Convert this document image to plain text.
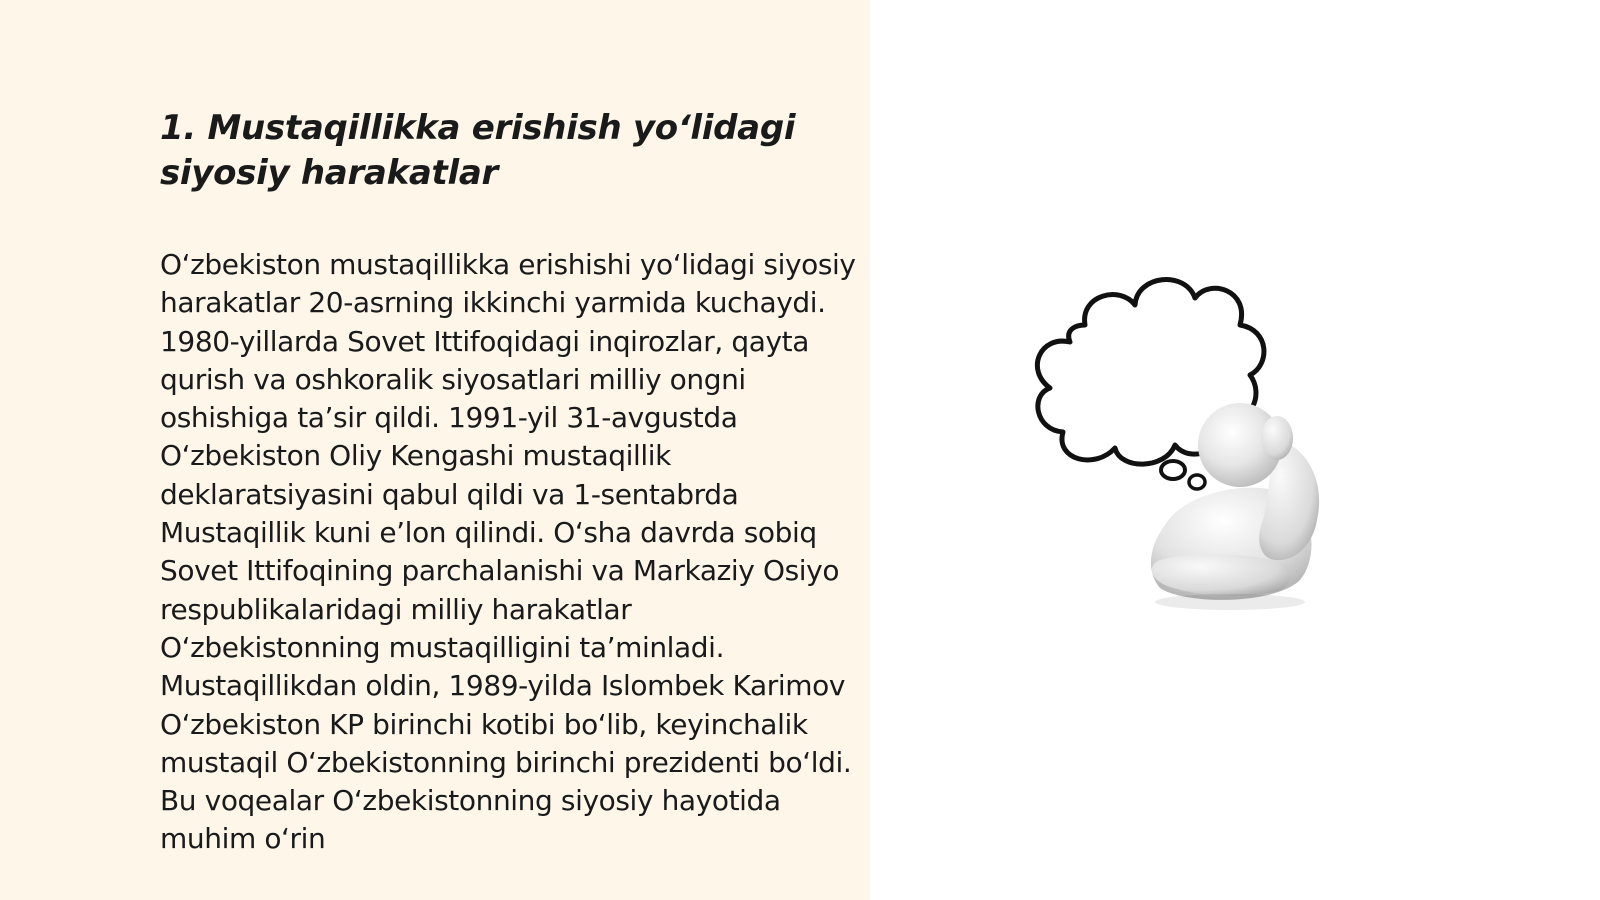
1. Mustaqillikka erishish yo‘lidagi siyosiy harakatlar

O‘zbekiston mustaqillikka erishishi yo‘lidagi siyosiy harakatlar 20-asrning ikkinchi yarmida kuchaydi. 1980-yillarda Sovet Ittifoqidagi inqirozlar, qayta qurish va oshkoralik siyosatlari milliy ongni oshishiga ta’sir qildi. 1991-yil 31-avgustda O‘zbekiston Oliy Kengashi mustaqillik deklaratsiyasini qabul qildi va 1-sentabrda Mustaqillik kuni e’lon qilindi. O‘sha davrda sobiq Sovet Ittifoqining parchalanishi va Markaziy Osiyo respublikalaridagi milliy harakatlar O‘zbekistonning mustaqilligini ta’minladi. Mustaqillikdan oldin, 1989-yilda Islombek Karimov O‘zbekiston KP birinchi kotibi bo‘lib, keyinchalik mustaqil O‘zbekistonning birinchi prezidenti bo‘ldi. Bu voqealar O‘zbekistonning siyosiy hayotida muhim o‘rin
